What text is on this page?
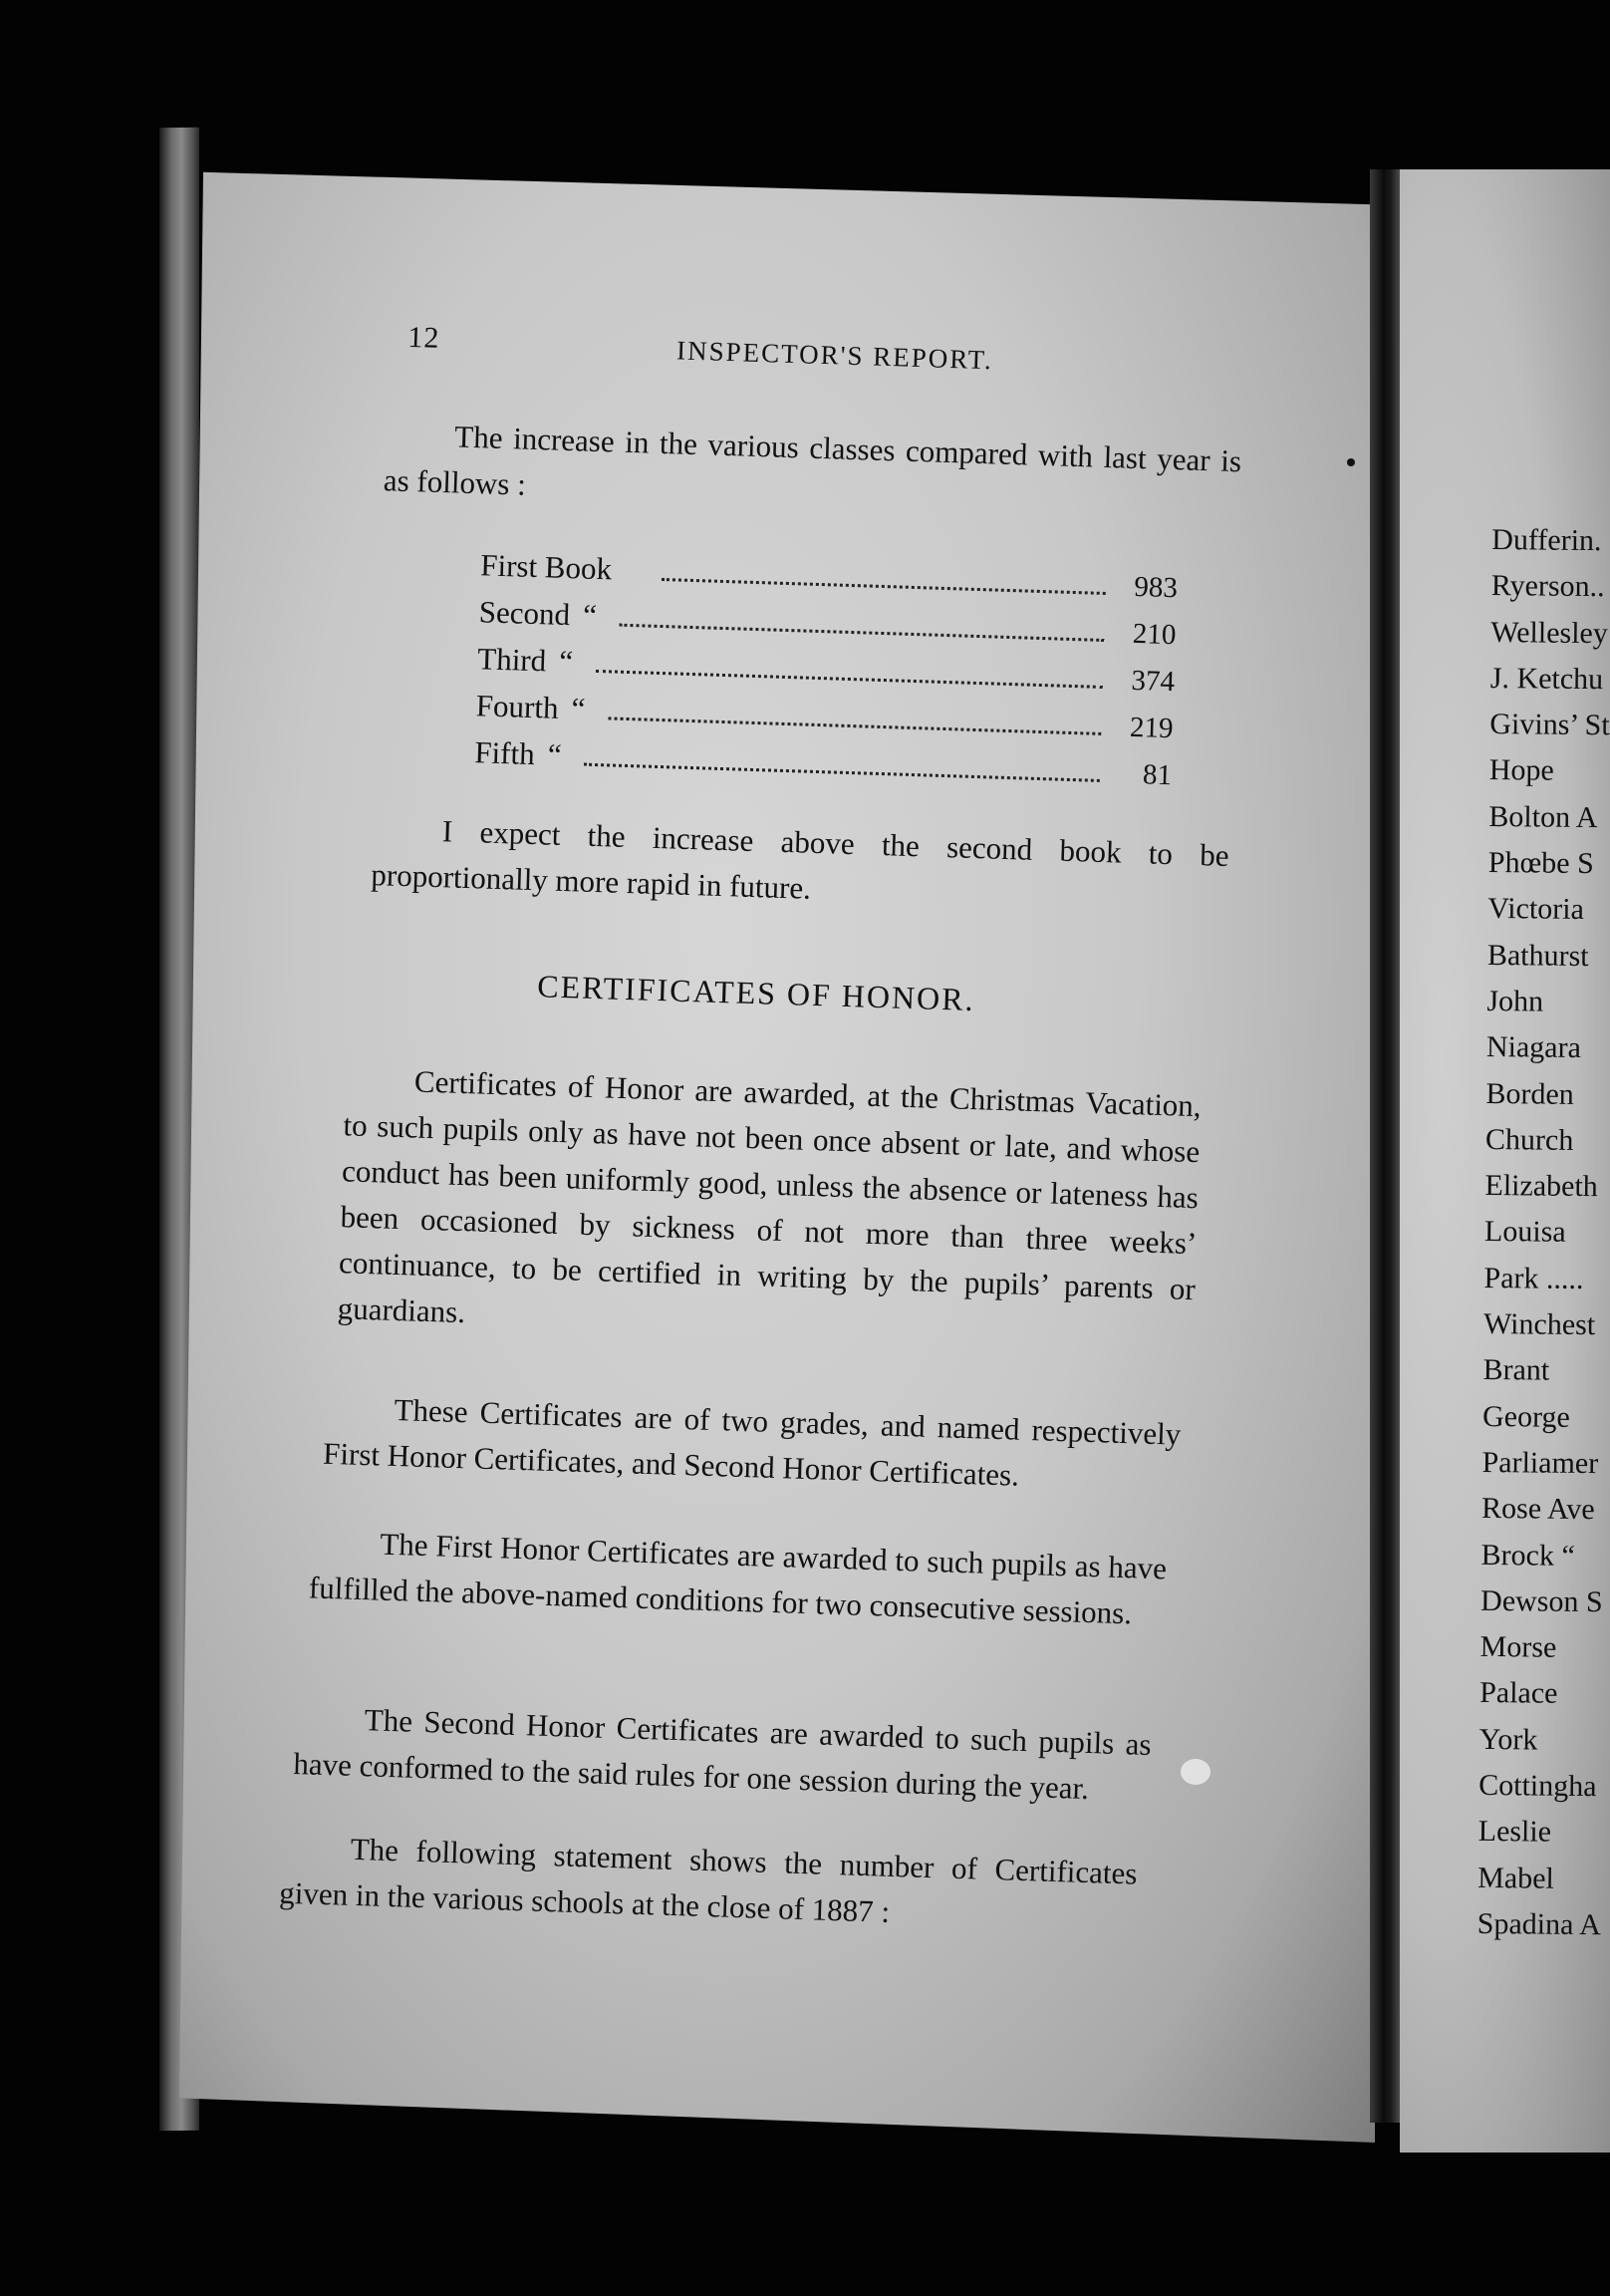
12	INSPECTOR'S REPORT.
The increase in the various classes compared with last year is as follows :
First Book
983
Second “
210
Third “
374
Fourth “
219
Fifth “
81
I expect the increase above the second book to be proportionally more rapid in future.
CERTIFICATES OF HONOR.
Certificates of Honor are awarded, at the Christmas Vacation, to such pupils only as have not been once absent or late, and whose conduct has been uniformly good, unless the absence or lateness has been occasioned by sickness of not more than three weeks’ continuance, to be certified in writing by the pupils’ parents or guardians.
These Certificates are of two grades, and named respectively First Honor Certificates, and Second Honor Certificates.
The First Honor Certificates are awarded to such pupils as have fulfilled the above-named conditions for two consecutive sessions.
The Second Honor Certificates are awarded to such pupils as have conformed to the said rules for one session during the year.
The following statement shows the number of Certificates given in the various schools at the close of 1887 :
Dufferin.
Ryerson..
Wellesley
J. Ketchu
Givins’ St
Hope
Bolton A
Phœbe S
Victoria
Bathurst
John
Niagara
Borden
Church
Elizabeth
Louisa
Park .....
Winchest
Brant
George
Parliamer
Rose Ave
Brock “
Dewson S
Morse
Palace
York
Cottingha
Leslie
Mabel
Spadina A
